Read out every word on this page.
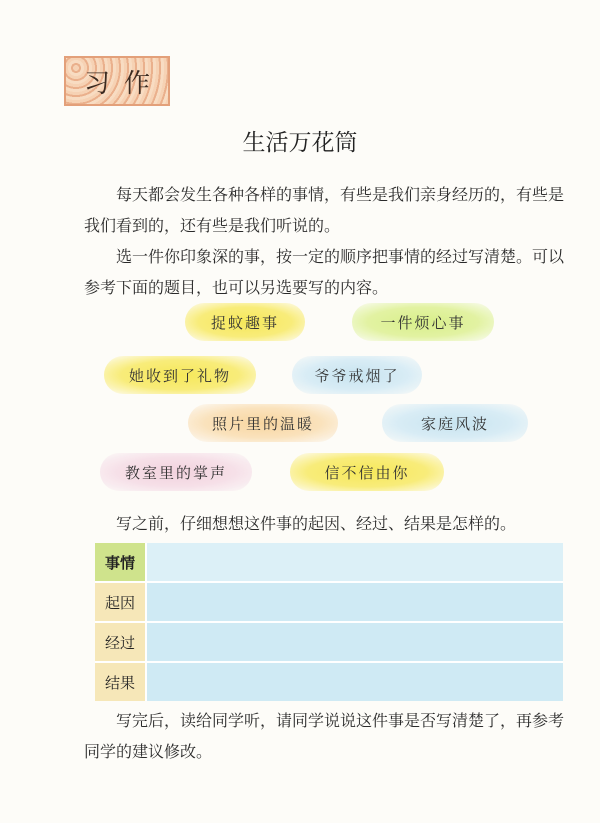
习作
生活万花筒

每天都会发生各种各样的事情，有些是我们亲身经历的，有些是我们看到的，还有些是我们听说的。

选一件你印象深的事，按一定的顺序把事情的经过写清楚。可以参考下面的题目，也可以另选要写的内容。

捉蚊趣事	一件烦心事
她收到了礼物	爷爷戒烟了
照片里的温暖	家庭风波
教室里的掌声	信不信由你

写之前，仔细想想这件事的起因、经过、结果是怎样的。

事情
起因
经过
结果

写完后，读给同学听，请同学说说这件事是否写清楚了，再参考同学的建议修改。
